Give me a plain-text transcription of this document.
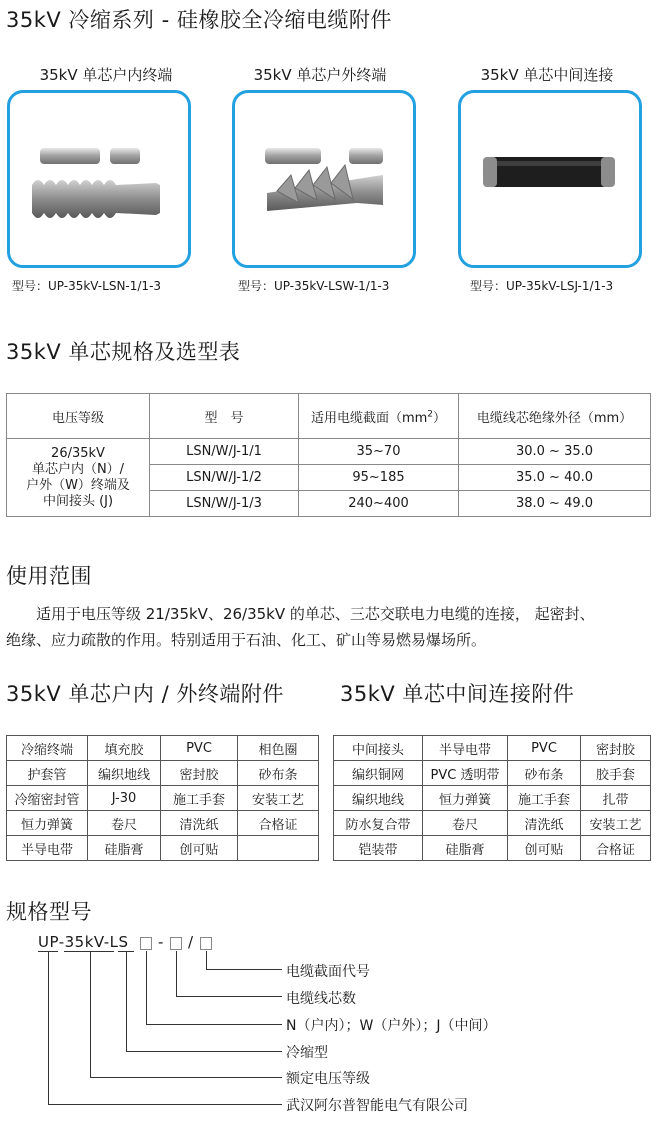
35kV 冷缩系列 - 硅橡胶全冷缩电缆附件
35kV 单芯户内终端	35kV 单芯户外终端	35kV 单芯中间连接
型号：UP-35kV-LSN-1/1-3	型号：UP-35kV-LSW-1/1-3	型号：UP-35kV-LSJ-1/1-3
35kV 单芯规格及选型表
电压等级	型　号	适用电缆截面$(mm^2)$	电缆线芯绝缘外径（mm）

26/35kV
单芯户内（N）/
户外（W）终端及
中间接头 (J)	LSN/W/J-1/1	35~70	30.0 ~ 35.0
	LSN/W/J-1/2	95~185	35.0 ~ 40.0
	LSN/W/J-1/3	240~400	38.0 ~ 49.0
使用范围
适用于电压等级 21/35kV、26/35kV 的单芯、三芯交联电力电缆的连接， 起密封、
绝缘、应力疏散的作用。特别适用于石油、化工、矿山等易燃易爆场所。
35kV 单芯户内 / 外终端附件	35kV 单芯中间连接附件
冷缩终端	填充胶	PVC	相色圈
护套管	编织地线	密封胶	砂布条
冷缩密封管	J-30	施工手套	安装工艺
恒力弹簧	卷尺	清洗纸	合格证
半导电带	硅脂膏	创可贴	
中间接头	半导电带	PVC	密封胶
编织铜网	PVC 透明带	砂布条	胶手套
编织地线	恒力弹簧	施工手套	扎带
防水复合带	卷尺	清洗纸	安装工艺
铠装带	硅脂膏	创可贴	合格证
规格型号
UP-35kV-LS - /
电缆截面代号
电缆线芯数
N（户内）；W（户外）；J（中间）
冷缩型
额定电压等级
武汉阿尔普智能电气有限公司
